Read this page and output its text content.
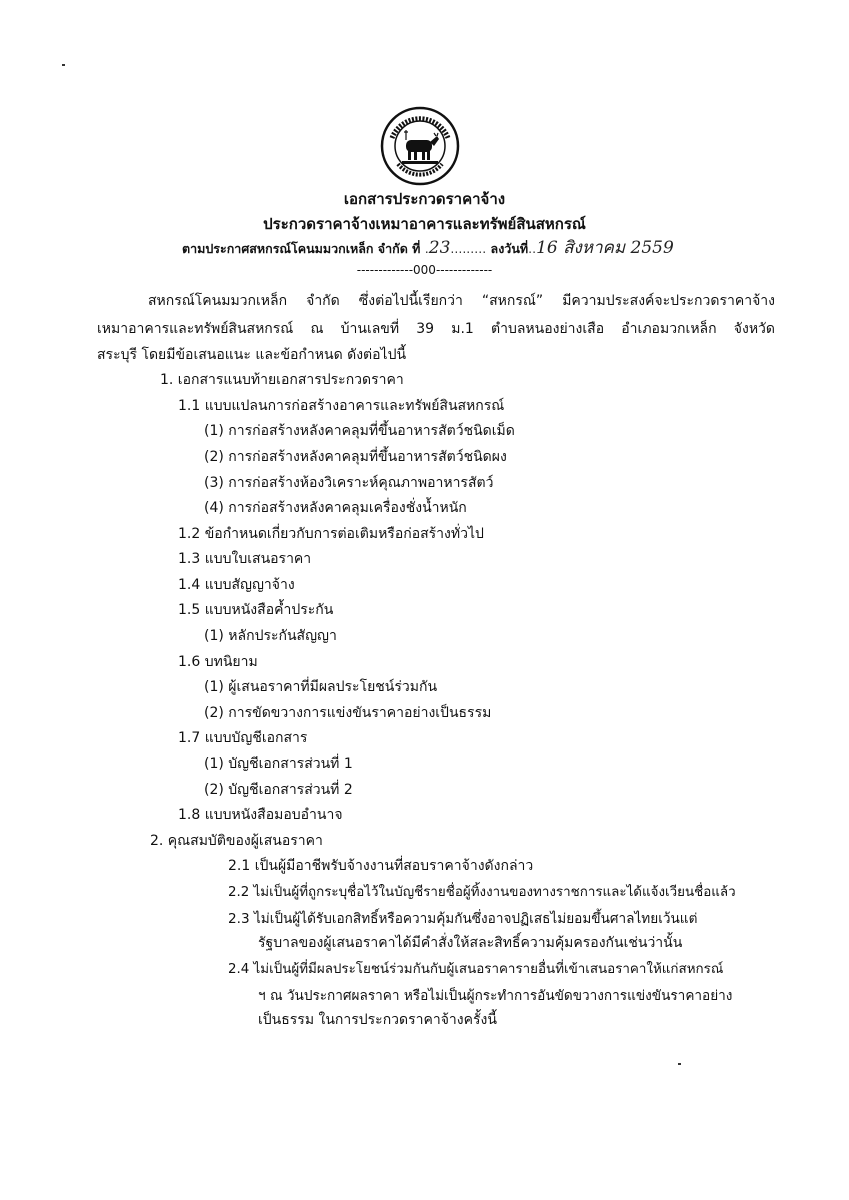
เอกสารประกวดราคาจ้าง
ประกวดราคาจ้างเหมาอาคารและทรัพย์สินสหกรณ์
ตามประกาศสหกรณ์โคนมมวกเหล็ก จำกัด ที่ .23......... ลงวันที่..16 สิงหาคม 2559
-------------000-------------
สหกรณ์โคนมมวกเหล็ก จำกัด ซึ่งต่อไปนี้เรียกว่า “สหกรณ์” มีความประสงค์จะประกวดราคาจ้าง
เหมาอาคารและทรัพย์สินสหกรณ์ ณ บ้านเลขที่ 39 ม.1 ตำบลหนองย่างเสือ อำเภอมวกเหล็ก จังหวัด
สระบุรี โดยมีข้อเสนอแนะ และข้อกำหนด ดังต่อไปนี้
1. เอกสารแนบท้ายเอกสารประกวดราคา
1.1 แบบแปลนการก่อสร้างอาคารและทรัพย์สินสหกรณ์
(1) การก่อสร้างหลังคาคลุมที่ขึ้นอาหารสัตว์ชนิดเม็ด
(2) การก่อสร้างหลังคาคลุมที่ขึ้นอาหารสัตว์ชนิดผง
(3) การก่อสร้างห้องวิเคราะห์คุณภาพอาหารสัตว์
(4) การก่อสร้างหลังคาคลุมเครื่องชั่งน้ำหนัก
1.2 ข้อกำหนดเกี่ยวกับการต่อเติมหรือก่อสร้างทั่วไป
1.3 แบบใบเสนอราคา
1.4 แบบสัญญาจ้าง
1.5 แบบหนังสือค้ำประกัน
(1) หลักประกันสัญญา
1.6 บทนิยาม
(1) ผู้เสนอราคาที่มีผลประโยชน์ร่วมกัน
(2) การขัดขวางการแข่งขันราคาอย่างเป็นธรรม
1.7 แบบบัญชีเอกสาร
(1) บัญชีเอกสารส่วนที่ 1
(2) บัญชีเอกสารส่วนที่ 2
1.8 แบบหนังสือมอบอำนาจ
2. คุณสมบัติของผู้เสนอราคา
2.1 เป็นผู้มีอาชีพรับจ้างงานที่สอบราคาจ้างดังกล่าว
2.2 ไม่เป็นผู้ที่ถูกระบุชื่อไว้ในบัญชีรายชื่อผู้ทิ้งงานของทางราชการและได้แจ้งเวียนชื่อแล้ว
2.3 ไม่เป็นผู้ได้รับเอกสิทธิ์หรือความคุ้มกันซึ่งอาจปฏิเสธไม่ยอมขึ้นศาลไทยเว้นแต่
รัฐบาลของผู้เสนอราคาได้มีคำสั่งให้สละสิทธิ์ความคุ้มครองกันเช่นว่านั้น
2.4 ไม่เป็นผู้ที่มีผลประโยชน์ร่วมกันกับผู้เสนอราคารายอื่นที่เข้าเสนอราคาให้แก่สหกรณ์
ฯ ณ วันประกาศผลราคา หรือไม่เป็นผู้กระทำการอันขัดขวางการแข่งขันราคาอย่าง
เป็นธรรม ในการประกวดราคาจ้างครั้งนี้
